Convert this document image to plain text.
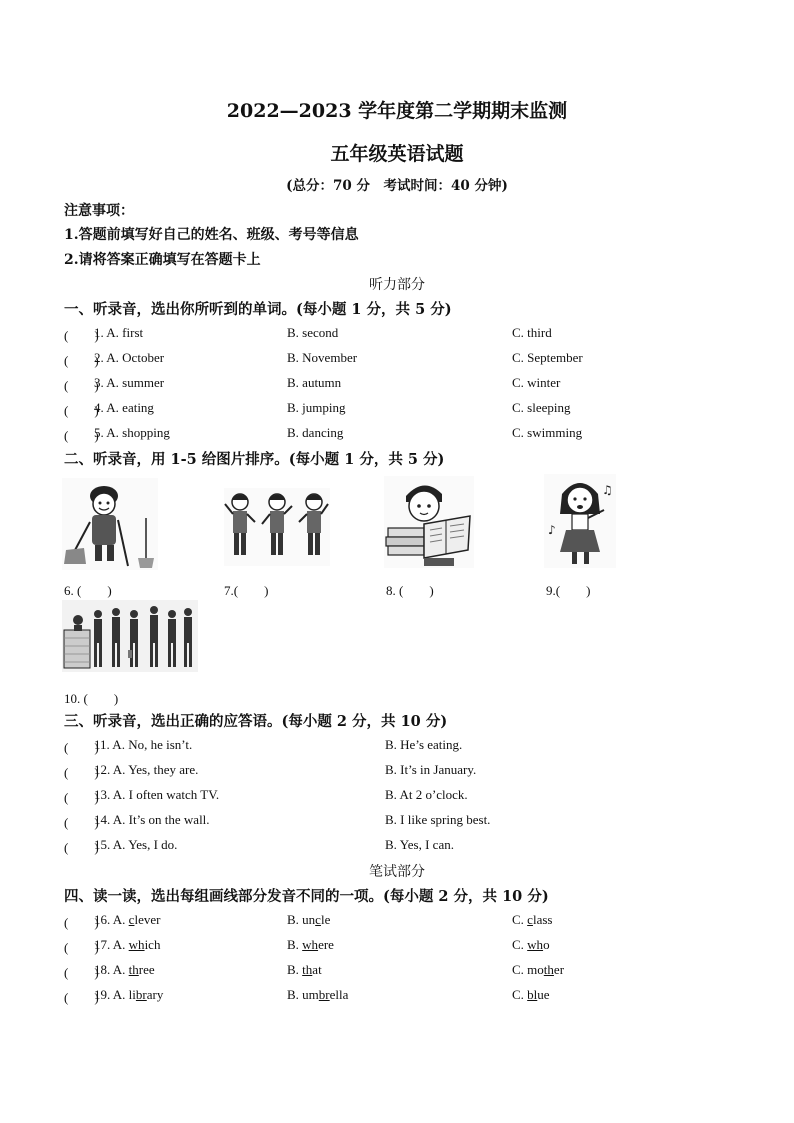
2022—2023 学年度第二学期期末监测
五年级英语试题
(总分：70 分　考试时间：40 分钟)
注意事项：
1.答题前填写好自己的姓名、班级、考号等信息
2.请将答案正确填写在答题卡上
听力部分
一、听录音，选出你所听到的单词。(每小题 1 分，共 5 分)
(　　)
1. A. first	B. second	C. third
(　　)
2. A. October	B. November	C. September
(　　)
3. A. summer	B. autumn	C. winter
(　　)
4. A. eating	B. jumping	C. sleeping
(　　)
5. A. shopping	B. dancing	C. swimming
二、听录音，用 1-5 给图片排序。(每小题 1 分，共 5 分)
♪
♫
6. (　　)	7.(　　)	8. (　　)	9.(　　)
10. (　　)
三、听录音，选出正确的应答语。(每小题 2 分，共 10 分)
(　　)
11. A. No, he isn’t.	B. He’s eating.
(　　)
12. A. Yes, they are.	B. It’s in January.
(　　)
13. A. I often watch TV.	B. At 2 o’clock.
(　　)
14. A. It’s on the wall.	B. I like spring best.
(　　)
15. A. Yes, I do.	B. Yes, I can.
笔试部分
四、读一读，选出每组画线部分发音不同的一项。(每小题 2 分，共 10 分)
(　　)
16. A. clever	B. uncle	C. class
(　　)
17. A. which	B. where	C. who
(　　)
18. A. three	B. that	C. mother
(　　)
19. A. library	B. umbrella	C. blue
